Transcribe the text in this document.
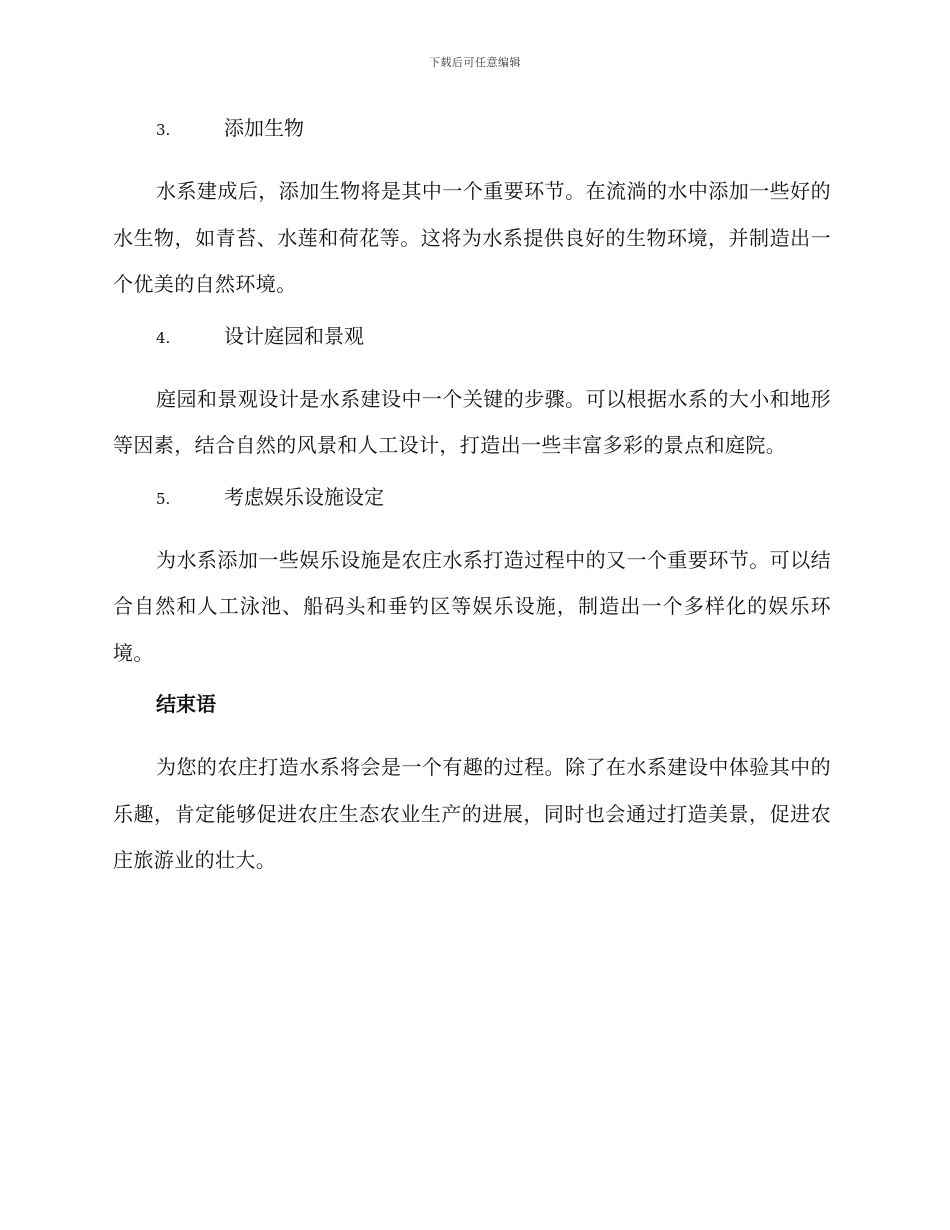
下载后可任意编辑
3.	添加生物

水系建成后，添加生物将是其中一个重要环节。在流淌的水中添加一些好的水生物，如青苔、水莲和荷花等。这将为水系提供良好的生物环境，并制造出一个优美的自然环境。

4.	设计庭园和景观

庭园和景观设计是水系建设中一个关键的步骤。可以根据水系的大小和地形等因素，结合自然的风景和人工设计，打造出一些丰富多彩的景点和庭院。

5.	考虑娱乐设施设定

为水系添加一些娱乐设施是农庄水系打造过程中的又一个重要环节。可以结合自然和人工泳池、船码头和垂钓区等娱乐设施，制造出一个多样化的娱乐环境。

结束语

为您的农庄打造水系将会是一个有趣的过程。除了在水系建设中体验其中的乐趣，肯定能够促进农庄生态农业生产的进展，同时也会通过打造美景，促进农庄旅游业的壮大。
